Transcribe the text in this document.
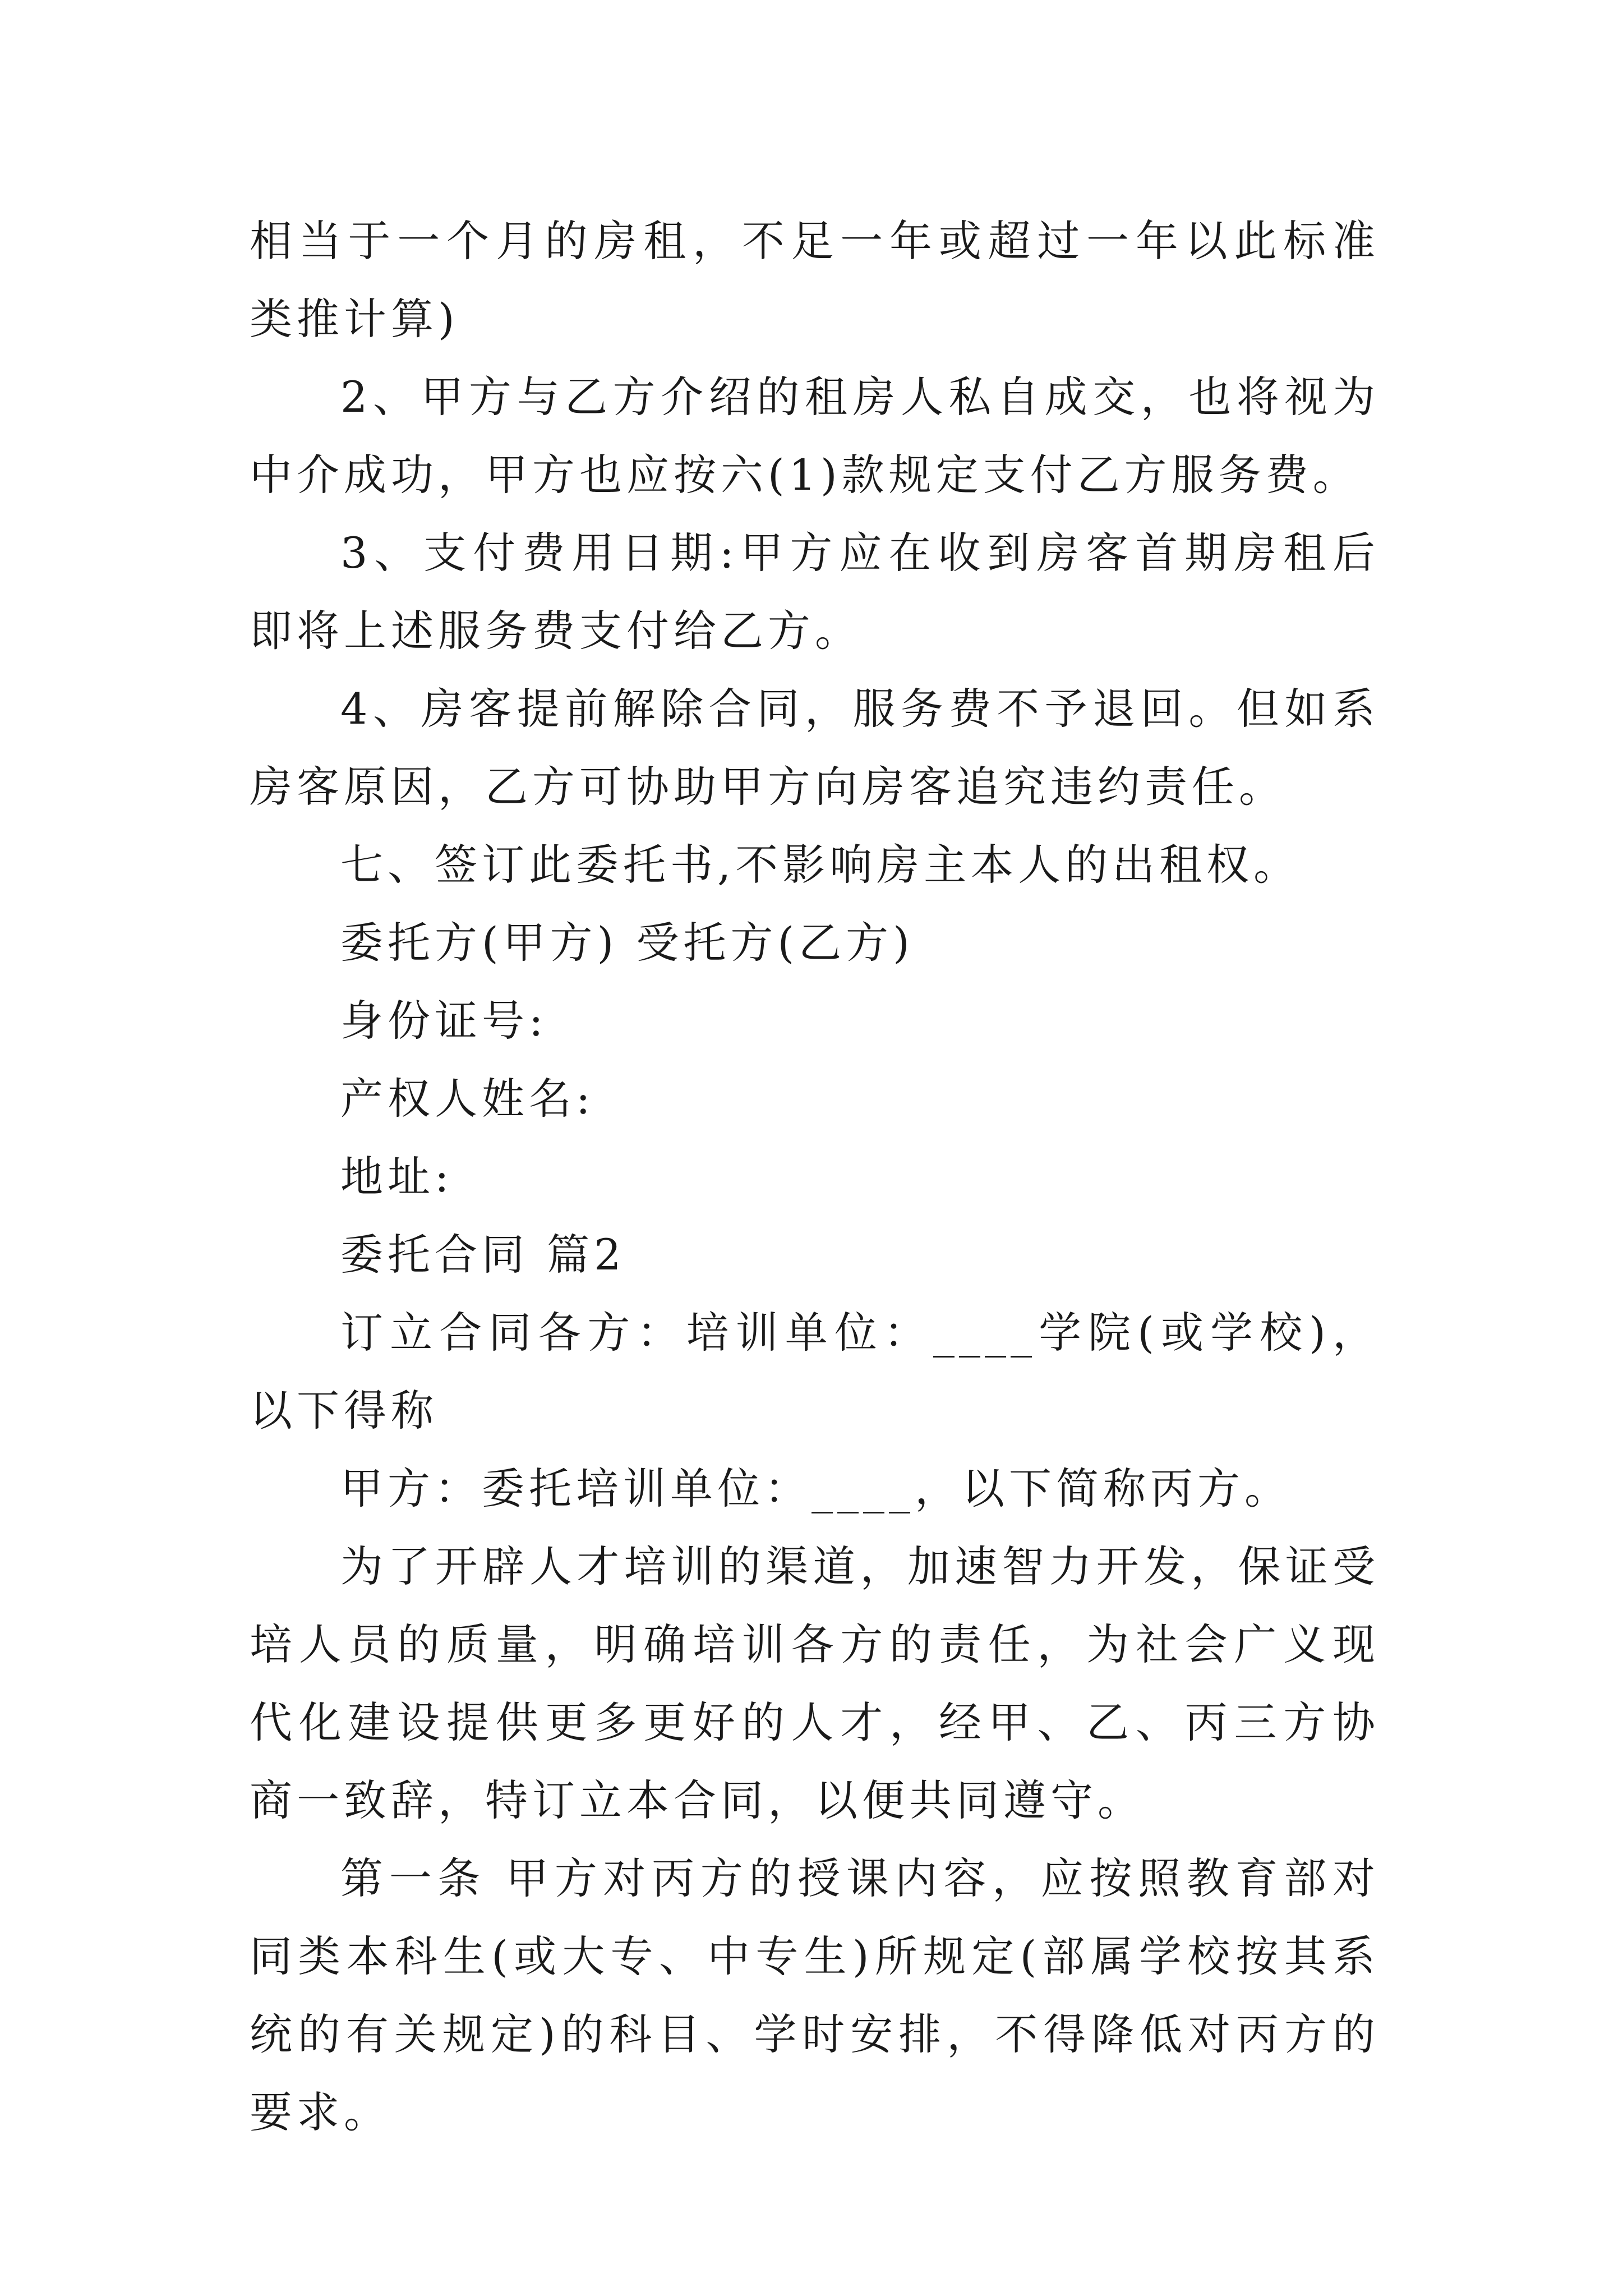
相当于一个月的房租，不足一年或超过一年以此标准类推计算)

2、甲方与乙方介绍的租房人私自成交，也将视为中介成功，甲方也应按六(1)款规定支付乙方服务费。

3、支付费用日期:甲方应在收到房客首期房租后即将上述服务费支付给乙方。

4、房客提前解除合同，服务费不予退回。但如系房客原因，乙方可协助甲方向房客追究违约责任。

七、签订此委托书,不影响房主本人的出租权。

委托方(甲方) 受托方(乙方)

身份证号:

产权人姓名:

地址:

委托合同 篇2

订立合同各方：培训单位：____学院(或学校)，以下得称

甲方：委托培训单位：____，以下简称丙方。

为了开辟人才培训的渠道，加速智力开发，保证受培人员的质量，明确培训各方的责任，为社会广义现代化建设提供更多更好的人才，经甲、乙、丙三方协商一致辞，特订立本合同，以便共同遵守。

第一条 甲方对丙方的授课内容，应按照教育部对同类本科生(或大专、中专生)所规定(部属学校按其系统的有关规定)的科目、学时安排，不得降低对丙方的要求。
